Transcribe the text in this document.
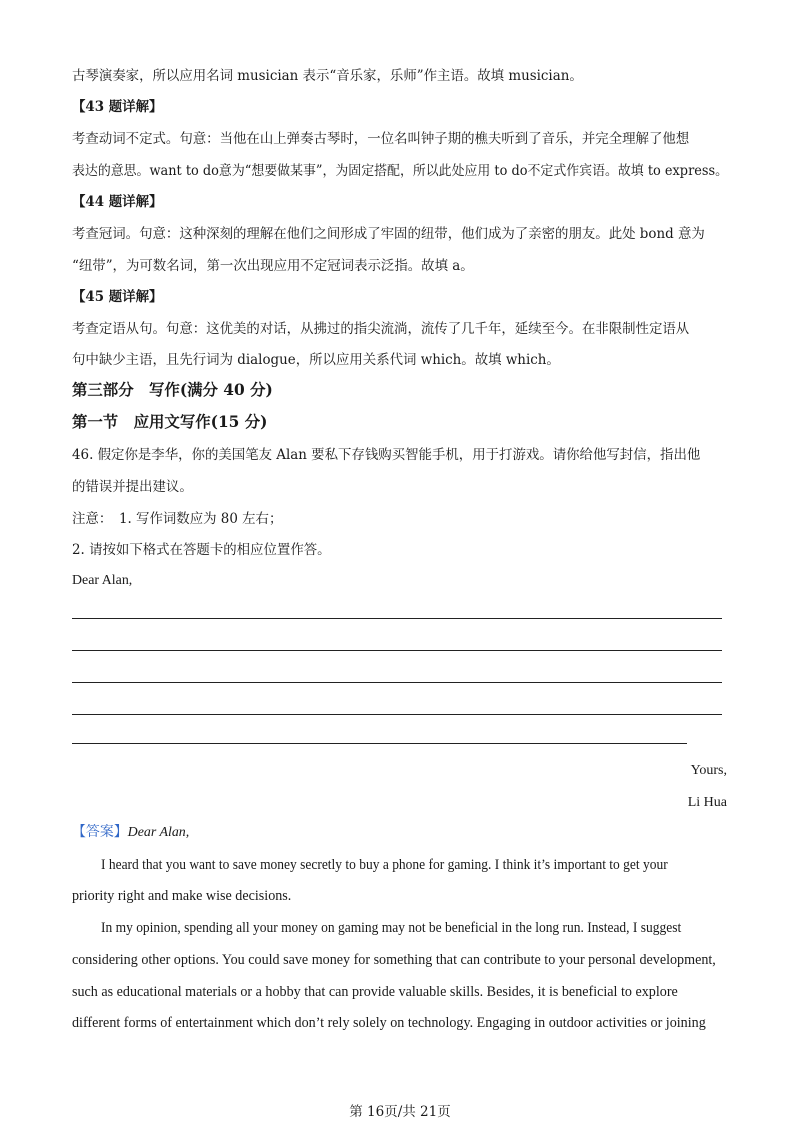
古琴演奏家，所以应用名词 musician 表示“音乐家，乐师”作主语。故填 musician。
【43 题详解】
考查动词不定式。句意：当他在山上弹奏古琴时，一位名叫钟子期的樵夫听到了音乐，并完全理解了他想
表达的意思。want to do意为“想要做某事”，为固定搭配，所以此处应用 to do不定式作宾语。故填 to express。
【44 题详解】
考查冠词。句意：这种深刻的理解在他们之间形成了牢固的纽带，他们成为了亲密的朋友。此处 bond 意为
“纽带”，为可数名词，第一次出现应用不定冠词表示泛指。故填 a。
【45 题详解】
考查定语从句。句意：这优美的对话，从拂过的指尖流淌，流传了几千年，延续至今。在非限制性定语从
句中缺少主语，且先行词为 dialogue，所以应用关系代词 which。故填 which。
第三部分　写作(满分 40 分)
第一节　应用文写作(15 分)
46. 假定你是李华，你的美国笔友 Alan 要私下存钱购买智能手机，用于打游戏。请你给他写封信，指出他
的错误并提出建议。
注意：　1. 写作词数应为 80 左右；
2. 请按如下格式在答题卡的相应位置作答。
Dear Alan,
Yours,
Li Hua
【答案】Dear Alan,
I heard that you want to save money secretly to buy a phone for gaming. I think it’s important to get your
priority right and make wise decisions.
In my opinion, spending all your money on gaming may not be beneficial in the long run. Instead, I suggest
considering other options. You could save money for something that can contribute to your personal development,
such as educational materials or a hobby that can provide valuable skills. Besides, it is beneficial to explore
different forms of entertainment which don’t rely solely on technology. Engaging in outdoor activities or joining
第 16页/共 21页
